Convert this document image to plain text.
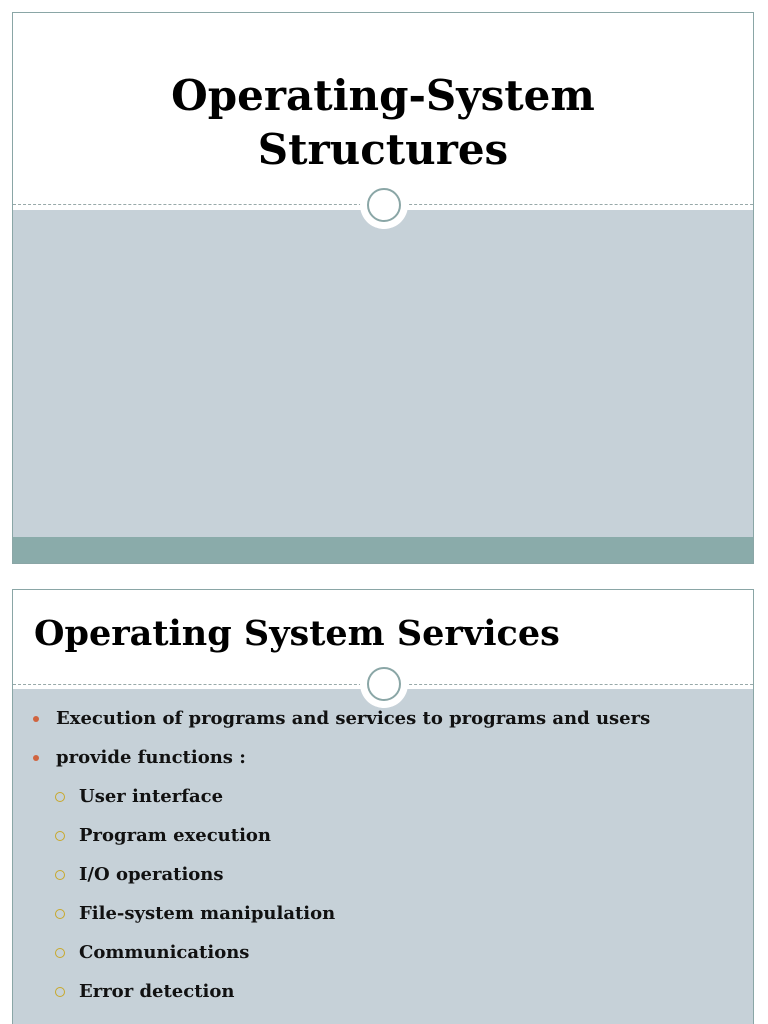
Operating-System
Structures
Operating System Services
Execution of programs and services to programs and users
provide functions :
User interface
Program execution
I/O operations
File-system manipulation
Communications
Error detection
